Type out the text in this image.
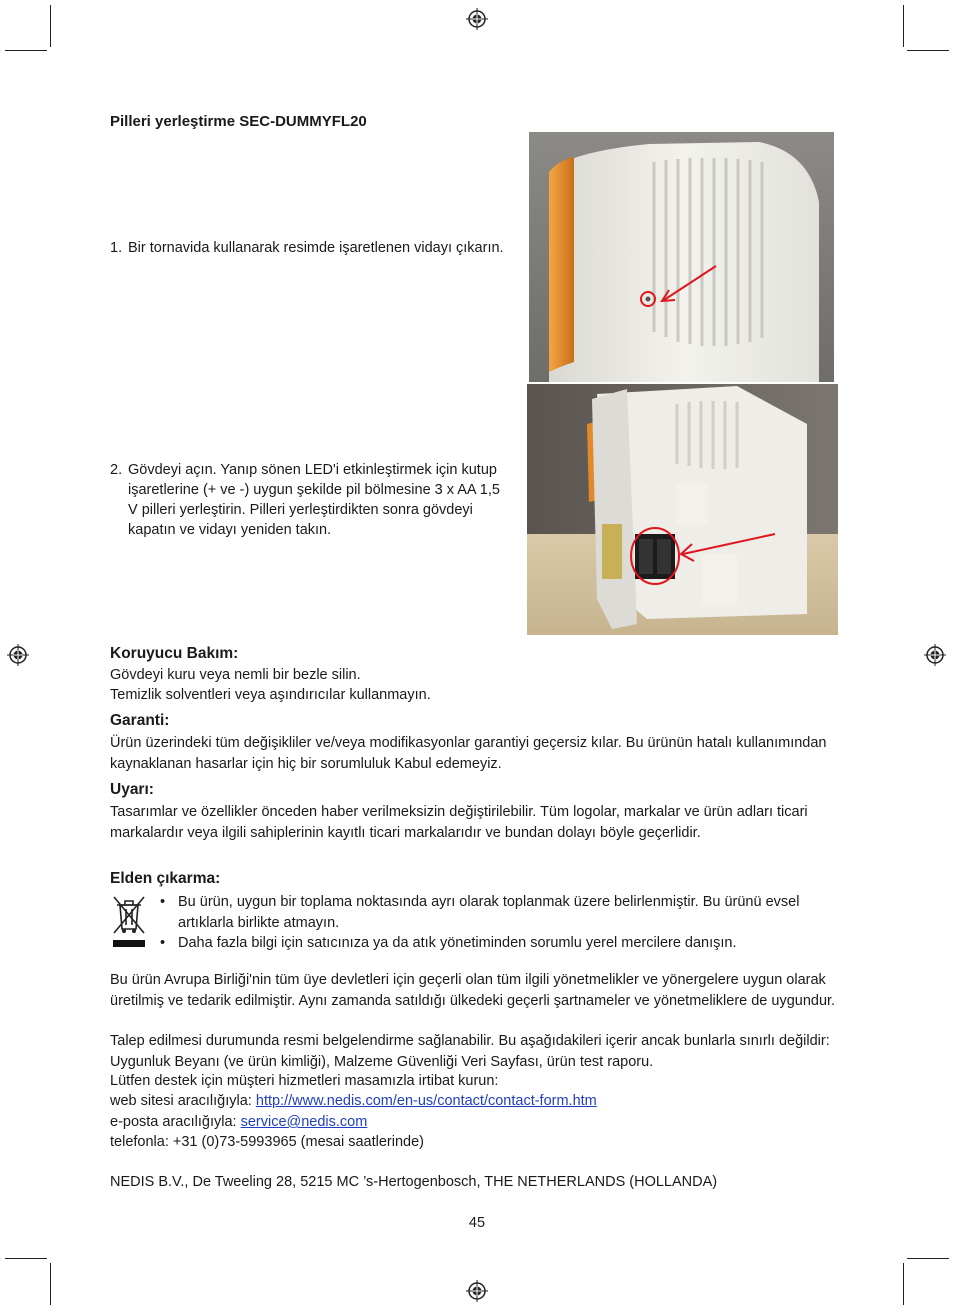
Pilleri yerleştirme SEC-DUMMYFL20
1. Bir tornavida kullanarak resimde işaretlenen vidayı çıkarın.
2. Gövdeyi açın. Yanıp sönen LED'i etkinleştirmek için kutup işaretlerine (+ ve -) uygun şekilde pil bölmesine 3 x AA 1,5 V pilleri yerleştirin. Pilleri yerleştirdikten sonra gövdeyi kapatın ve vidayı yeniden takın.
Koruyucu Bakım:
Gövdeyi kuru veya nemli bir bezle silin.
Temizlik solventleri veya aşındırıcılar kullanmayın.
Garanti:
Ürün üzerindeki tüm değişikliler ve/veya modifikasyonlar garantiyi geçersiz kılar. Bu ürünün hatalı kullanımından kaynaklanan hasarlar için hiç bir sorumluluk Kabul edemeyiz.
Uyarı:
Tasarımlar ve özellikler önceden haber verilmeksizin değiştirilebilir. Tüm logolar, markalar ve ürün adları ticari markalardır veya ilgili sahiplerinin kayıtlı ticari markalarıdır ve bundan dolayı böyle geçerlidir.
Elden çıkarma:
• Bu ürün, uygun bir toplama noktasında ayrı olarak toplanmak üzere belirlenmiştir. Bu ürünü evsel artıklarla birlikte atmayın.
• Daha fazla bilgi için satıcınıza ya da atık yönetiminden sorumlu yerel mercilere danışın.
Bu ürün Avrupa Birliği'nin tüm üye devletleri için geçerli olan tüm ilgili yönetmelikler ve yönergelere uygun olarak üretilmiş ve tedarik edilmiştir. Aynı zamanda satıldığı ülkedeki geçerli şartnameler ve yönetmeliklere de uygundur.
Talep edilmesi durumunda resmi belgelendirme sağlanabilir. Bu aşağıdakileri içerir ancak bunlarla sınırlı değildir: Uygunluk Beyanı (ve ürün kimliği), Malzeme Güvenliği Veri Sayfası, ürün test raporu.
Lütfen destek için müşteri hizmetleri masamızla irtibat kurun:
web sitesi aracılığıyla: http://www.nedis.com/en-us/contact/contact-form.htm
e-posta aracılığıyla: service@nedis.com
telefonla: +31 (0)73-5993965 (mesai saatlerinde)
NEDIS B.V., De Tweeling 28, 5215 MC ’s-Hertogenbosch, THE NETHERLANDS (HOLLANDA)
45
